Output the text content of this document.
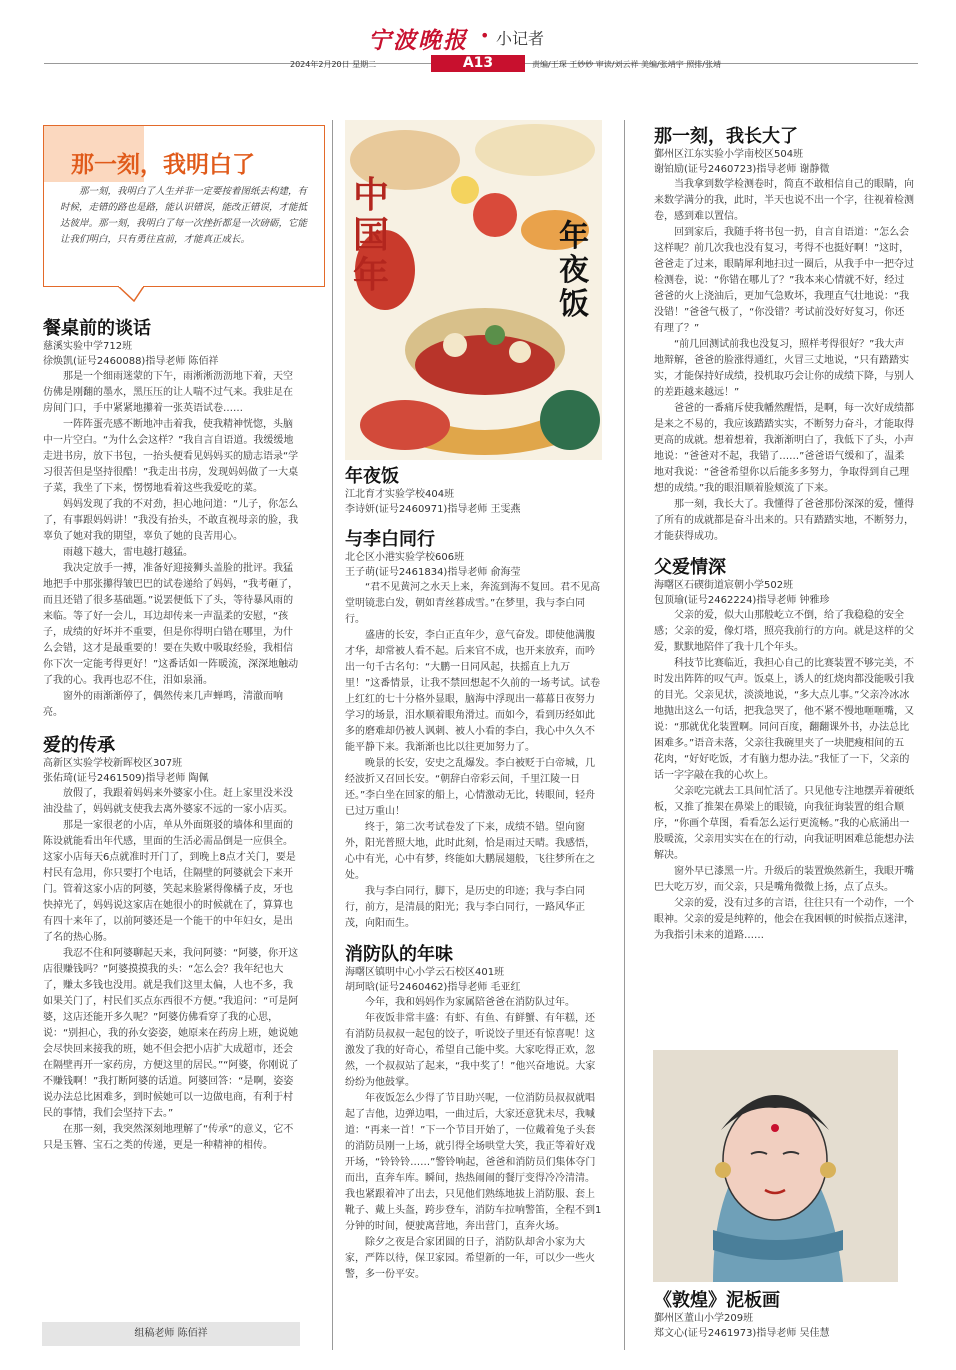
宁波晚报 • 小记者
2024年2月20日 星期二	A13	责编/王琛 王妙妙 审读/刘云祥 美编/张靖宇 照排/张靖
那一刻，我明白了
那一刻，我明白了人生并非一定要按着图纸去构建，有时候，走错的路也是路，能认识错误，能改正错误，才能抵达彼岸。那一刻，我明白了每一次挫折都是一次磅砺，它能让我们明白，只有勇往直前，才能真正成长。
餐桌前的谈话
慈溪实验中学712班
徐焕凯(证号2460088)指导老师 陈佰祥

那是一个细雨迷蒙的下午，雨淅淅沥沥地下着，天空仿佛是刚翻的墨水，黑压压的让人喘不过气来。我驻足在房间门口，手中紧紧地攥着一张英语试卷……

一阵阵蛋壳感不断地冲击着我，使我精神恍惚，头脑中一片空白。“为什么会这样？”我自言自语道。我缓缓地走进书房，放下书包，一抬头便看见妈妈买的励志语录“学习很苦但是坚持很酷！”我走出书房，发现妈妈做了一大桌子菜，我坐了下来，愣愣地看着这些我爱吃的菜。

妈妈发现了我的不对劲，担心地问道：“儿子，你怎么了，有事跟妈妈讲！”我没有抬头，不敢直视母亲的脸，我辜负了她对我的期望，辜负了她的良苦用心。

雨越下越大，雷电越打越猛。

我决定放手一搏，准备好迎接狮头盖脸的批评。我猛地把手中那张攥得皱巴巴的试卷递给了妈妈，“我考砸了，而且还错了很多基础题。”说罢便低下了头，等待暴风雨的来临。等了好一会儿，耳边却传来一声温柔的安慰，“孩子，成绩的好坏并不重要，但是你得明白错在哪里，为什么会错，这才是最重要的！要在失败中吸取经验，我相信你下次一定能考得更好！”这番话如一阵暖流，深深地触动了我的心。我再也忍不住，泪如泉涌。

窗外的雨渐渐停了，偶然传来几声蝉鸣，清澈而响亮。

爱的传承
高新区实验学校新晖校区307班
张佑琦(证号2461509)指导老师 陶佩

放假了，我跟着妈妈来外婆家小住。赶上家里没米没油没盐了，妈妈就支使我去离外婆家不远的一家小店买。

那是一家很老的小店，单从外面斑驳的墙体和里面的陈设就能看出年代感，里面的生活必需品倒是一应俱全。这家小店每天6点就准时开门了，到晚上8点才关门，要是村民有急用，你只要打个电话，住隔壁的阿婆就会下来开门。管着这家小店的阿婆，笑起来脸紧得像橘子皮，牙也快掉光了，妈妈说这家店在她很小的时候就在了，算算也有四十来年了，以前阿婆还是一个能干的中年妇女，是出了名的热心肠。

我忍不住和阿婆聊起天来，我问阿婆：“阿婆，你开这店很赚钱吗？”阿婆摸摸我的头：“怎么会？我年纪也大了，赚太多钱也没用。就是我们这里太偏，人也不多，我如果关门了，村民们买点东西很不方便。”我追问：“可是阿婆，这店还能开多久呢？”阿婆仿佛看穿了我的心思，说：“别担心，我的孙女姿姿，她原来在药房上班，她说她会尽快回来接我的班，她不但会把小店扩大成超市，还会在隔壁再开一家药房，方便这里的居民。”“阿婆，你刚说了不赚钱啊！”我打断阿婆的话道。阿婆回答：“是啊，姿姿说办法总比困难多，到时候她可以一边做电商，有利于村民的事情，我们会坚持下去。”

在那一刻，我突然深刻地理解了“传承”的意义，它不只是玉簪、宝石之类的传递，更是一种精神的相传。

组稿老师 陈佰祥
中国年
年夜饭
年夜饭
江北育才实验学校404班
李诗妍(证号2460971)指导老师 王雯燕
与李白同行
北仑区小港实验学校606班
王子萌(证号2461834)指导老师 俞海莹

“君不见黄河之水天上来，奔流到海不复回。君不见高堂明镜悲白发，朝如青丝暮成雪。”在梦里，我与李白同行。

盛唐的长安，李白正直年少，意气奋发。即使他满腹才华，却常被人看不起。后来官不成，也开来放弃，而吟出一句千古名句：“大鹏一日同风起，扶摇直上九万里！”这番情景，让我不禁回想起不久前的一场考试。试卷上红红的七十分格外显眼，脑海中浮现出一幕幕日夜努力学习的场景，泪水顺着眼角滑过。而如今，看到历经如此多的磨难却仍被人讽刺、被人小看的李白，我心中久久不能平静下来。我渐渐也比以往更加努力了。

晚景的长安，安史之乱爆发。李白被贬于白帝城，几经波折又召回长安。“朝辞白帝彩云间，千里江陵一日还。”李白坐在回家的船上，心情激动无比，转眼间，轻舟已过万重山！

终于，第二次考试卷发了下来，成绩不错。望向窗外，阳光普照大地，此时此刻，恰是雨过天晴。我感悟，心中有光，心中有梦，终能如大鹏展翅般，飞往梦所在之处。

我与李白同行，脚下，是历史的印迹；我与李白同行，前方，是清晨的阳光；我与李白同行，一路风华正茂，向阳而生。

消防队的年味
海曙区镇明中心小学云石校区401班
胡珂晗(证号2460462)指导老师 毛亚红

今年，我和妈妈作为家属陪爸爸在消防队过年。

年夜饭非常丰盛：有虾、有鱼、有鲜蟹、有年糕，还有消防员叔叔一起包的饺子，听说饺子里还有惊喜呢！这激发了我的好奇心，希望自己能中奖。大家吃得正欢，忽然，一个叔叔站了起来，“我中奖了！”他兴奋地说。大家纷纷为他鼓掌。

年夜饭怎么少得了节目助兴呢，一位消防员叔叔就唱起了吉他，边弹边唱，一曲过后，大家还意犹未尽，我喊道：“再来一首！”下一个节目开始了，一位戴着兔子头套的消防员刚一上场，就引得全场哄堂大笑，我正等着好戏开场，“铃铃铃……”警铃响起，爸爸和消防员们集体夺门而出，直奔车库。瞬间，热热闹闹的餐厅变得冷冷清清。我也紧跟着冲了出去，只见他们熟练地拔上消防服、套上靴子、戴上头盔，跨步登车，消防车拉响警笛，全程不到1分钟的时间，便驶离营地，奔出营门，直奔火场。

除夕之夜是合家团圆的日子，消防队却舍小家为大家，严阵以待，保卫家园。希望新的一年，可以少一些火警，多一份平安。

那一刻，我长大了
鄞州区江东实验小学南校区504班
谢铂励(证号2460723)指导老师 谢静微

当我拿到数学检测卷时，简直不敢相信自己的眼睛，向来数学满分的我，此时，半天也说不出一个字，往视着检测卷，感到难以置信。

回到家后，我随手将书包一扔，自言自语道：“怎么会这样呢？前几次我也没有复习，考得不也挺好啊！”这时，爸爸走了过来，眼睛犀利地扫过一圈后，从我手中一把夺过检测卷，说：“你错在哪儿了？”我本来心情就不好，经过爸爸的火上浇油后，更加气急败坏，我理直气壮地说：“我没错！”爸爸气极了，“你没错？考试前没好好复习，你还有理了？”

“前几回测试前我也没复习，照样考得很好？”我大声地辩解，爸爸的脸涨得通红，火冒三丈地说，“只有踏踏实实，才能保持好成绩，投机取巧会让你的成绩下降，与别人的差距越来越远！”

爸爸的一番痛斥使我幡然醒悟，是啊，每一次好成绩都是来之不易的，我应该踏踏实实，不断努力奋斗，才能取得更高的成就。想着想着，我渐渐明白了，我低下了头，小声地说：“爸爸对不起，我错了……”爸爸语气缓和了，温柔地对我说：“爸爸希望你以后能多多努力，争取得到自己理想的成绩。”我的眼泪顺着脸颊流了下来。

那一刻，我长大了。我懂得了爸爸那份深深的爱，懂得了所有的成就都是奋斗出来的。只有踏踏实地，不断努力，才能获得成功。

父爱情深
海曙区石碶街道宸朝小学502班
包顶瑜(证号2462224)指导老师 钟雅珍

父亲的爱，似大山那般屹立不倒，给了我稳稳的安全感；父亲的爱，像灯塔，照亮我前行的方向。就是这样的父爱，默默地陪伴了我十几个年头。

科技节比赛临近，我担心自己的比赛装置不够完美，不时发出阵阵的叹气声。饭桌上，诱人的红烧肉都没能吸引我的目光。父亲见状，淡淡地说，“多大点儿事。”父亲冷冰冰地抛出这么一句话，把我急哭了，他不紧不慢地咂咂嘴，又说：“那就优化装置啊。同问百度，翻翻课外书，办法总比困难多。”语音未落，父亲往我碗里夹了一块肥瘦相间的五花肉，“好好吃饭，才有脑力想办法。”我怔了一下，父亲的话一字字敲在我的心坎上。

父亲吃完就去工具间忙活了。只见他专注地摆弄着硬纸板，又推了推架在鼻梁上的眼镜，向我征询装置的组合顺序，“你画个草图，看看怎么运行更流畅。”我的心底涌出一股暖流，父亲用实实在在的行动，向我证明困难总能想办法解决。

窗外早已漆黑一片。升级后的装置焕然新生，我眼开嘴巴大吃万岁，而父亲，只是嘴角微微上扬，点了点头。

父亲的爱，没有过多的言语，往往只有一个动作，一个眼神。父亲的爱是纯粹的，他会在我困顿的时候指点迷津，为我指引未来的道路……

《敦煌》泥板画
鄞州区董山小学209班
郑文心(证号2461973)指导老师 吴佳慧
